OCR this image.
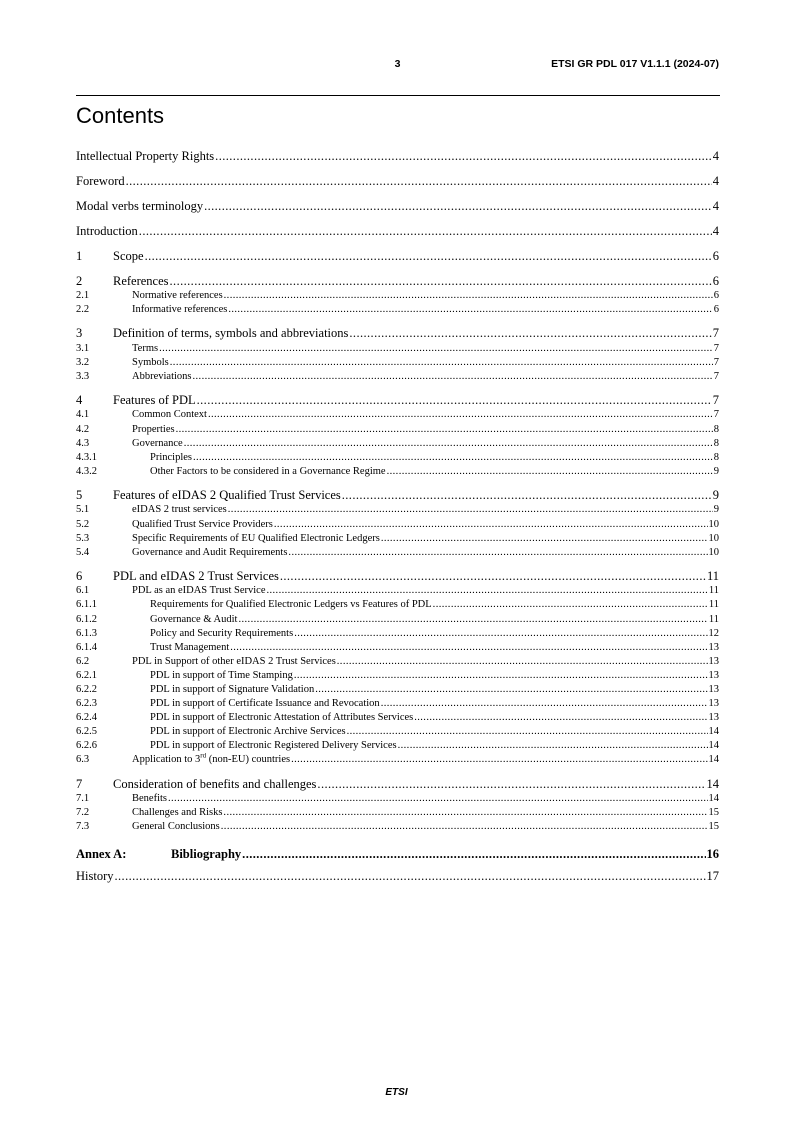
3	ETSI GR PDL 017 V1.1.1 (2024-07)
Contents
Intellectual Property Rights .....	4
Foreword .....	4
Modal verbs terminology .....	4
Introduction .....	4
1	Scope .....	6
2	References .....	6
2.1	Normative references .....	6
2.2	Informative references .....	6
3	Definition of terms, symbols and abbreviations .....	7
3.1	Terms .....	7
3.2	Symbols .....	7
3.3	Abbreviations .....	7
4	Features of PDL .....	7
4.1	Common Context .....	7
4.2	Properties .....	8
4.3	Governance .....	8
4.3.1	Principles .....	8
4.3.2	Other Factors to be considered in a Governance Regime .....	9
5	Features of eIDAS 2 Qualified Trust Services .....	9
5.1	eIDAS 2 trust services .....	9
5.2	Qualified Trust Service Providers .....	10
5.3	Specific Requirements of EU Qualified Electronic Ledgers .....	10
5.4	Governance and Audit Requirements .....	10
6	PDL and eIDAS 2 Trust Services .....	11
6.1	PDL as an eIDAS Trust Service .....	11
6.1.1	Requirements for Qualified Electronic Ledgers vs Features of PDL .....	11
6.1.2	Governance & Audit .....	11
6.1.3	Policy and Security Requirements .....	12
6.1.4	Trust Management .....	13
6.2	PDL in Support of other eIDAS 2 Trust Services .....	13
6.2.1	PDL in support of Time Stamping .....	13
6.2.2	PDL in support of Signature Validation .....	13
6.2.3	PDL in support of Certificate Issuance and Revocation .....	13
6.2.4	PDL in support of Electronic Attestation of Attributes Services .....	13
6.2.5	PDL in support of Electronic Archive Services .....	14
6.2.6	PDL in support of Electronic Registered Delivery Services .....	14
6.3	Application to 3rd (non-EU) countries .....	14
7	Consideration of benefits and challenges .....	14
7.1	Benefits .....	14
7.2	Challenges and Risks .....	15
7.3	General Conclusions .....	15
Annex A:	Bibliography .....	16
History .....	17
ETSI
